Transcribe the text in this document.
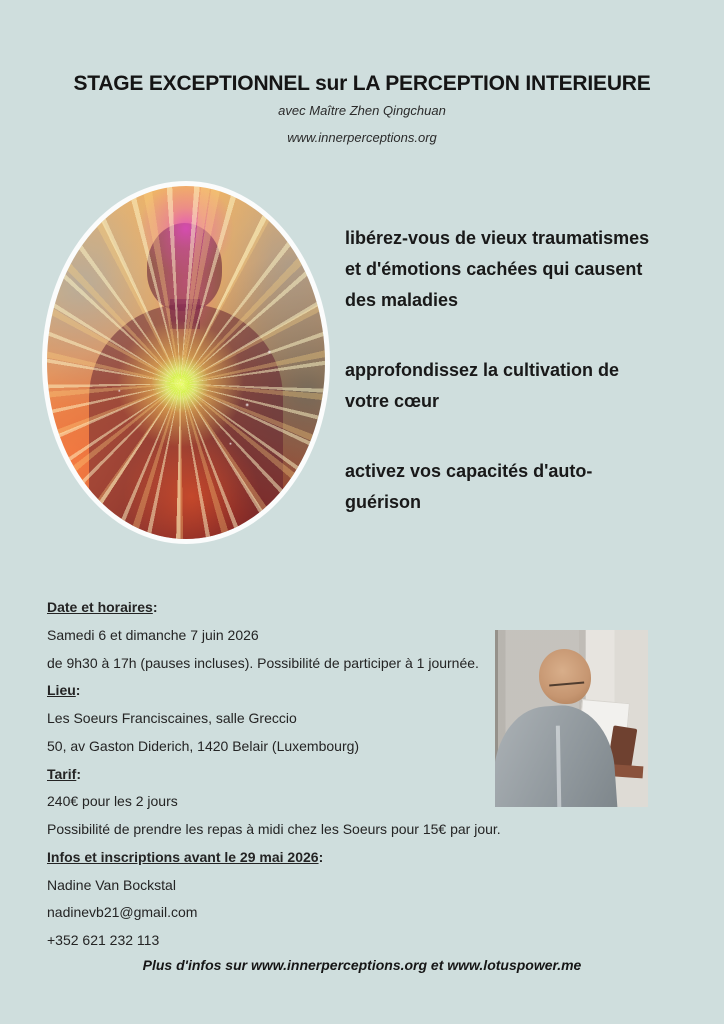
STAGE EXCEPTIONNEL sur LA PERCEPTION INTERIEURE
avec Maître Zhen Qingchuan
www.innerperceptions.org
libérez-vous de vieux traumatismes
et d'émotions cachées qui causent
des maladies
approfondissez la cultivation de
votre cœur
activez vos capacités d'auto-
guérison
Date et horaires:
Samedi 6 et dimanche 7 juin 2026
de 9h30 à 17h (pauses incluses). Possibilité de participer à 1 journée.
Lieu:
Les Soeurs Franciscaines, salle Greccio
50, av Gaston Diderich, 1420 Belair (Luxembourg)
Tarif:
240€ pour les 2 jours
Possibilité de prendre les repas à midi chez les Soeurs pour 15€ par jour.
Infos et inscriptions avant le 29 mai 2026:
Nadine Van Bockstal
nadinevb21@gmail.com
+352 621 232 113
Plus d'infos sur www.innerperceptions.org et www.lotuspower.me
